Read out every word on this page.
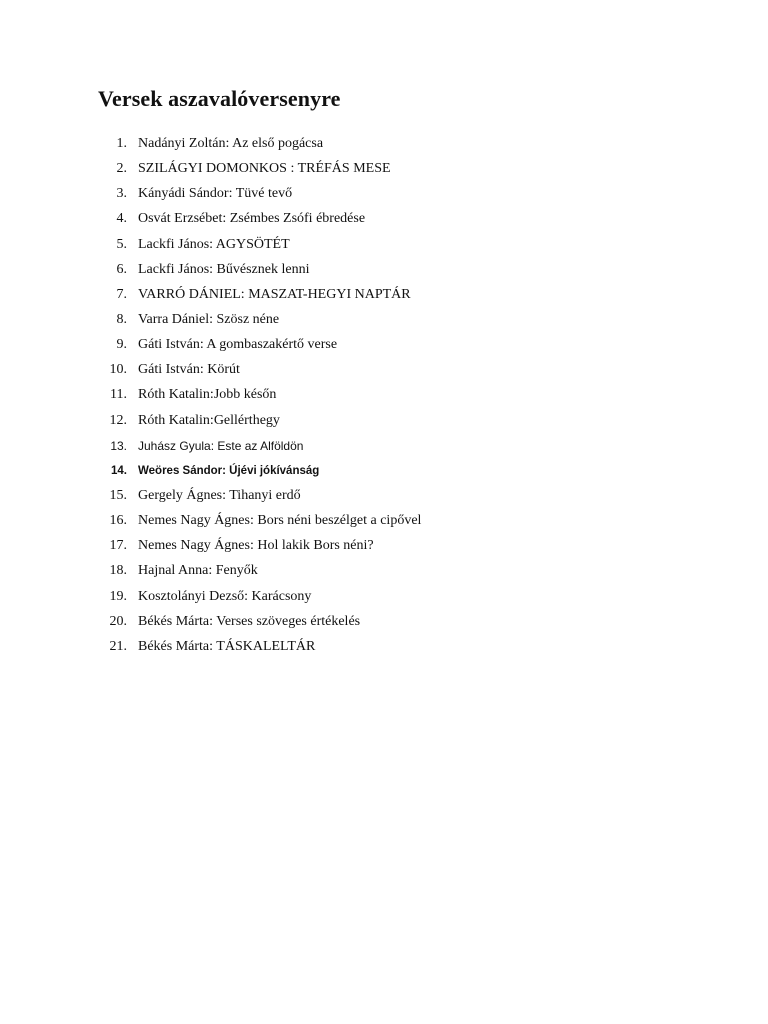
Versek aszavalóversenyre
1. Nadányi Zoltán: Az első pogácsa
2. SZILÁGYI DOMONKOS : TRÉFÁS MESE
3. Kányádi Sándor: Tüvé tevő
4. Osvát Erzsébet: Zsémbes Zsófi ébredése
5. Lackfi János: AGYSÖTÉT
6. Lackfi János: Bűvésznek lenni
7. VARRÓ DÁNIEL: MASZAT-HEGYI NAPTÁR
8. Varra Dániel: Szösz néne
9. Gáti István: A gombaszakértő verse
10. Gáti István: Körút
11. Róth Katalin:Jobb későn
12. Róth Katalin:Gellérthegy
13. Juhász Gyula: Este az Alföldön
14. Weöres Sándor: Újévi jókívánság
15. Gergely Ágnes: Tihanyi erdő
16. Nemes Nagy Ágnes: Bors néni beszélget a cipővel
17. Nemes Nagy Ágnes: Hol lakik Bors néni?
18. Hajnal Anna: Fenyők
19. Kosztolányi Dezső: Karácsony
20. Békés Márta: Verses szöveges értékelés
21. Békés Márta: TÁSKALELTÁR
